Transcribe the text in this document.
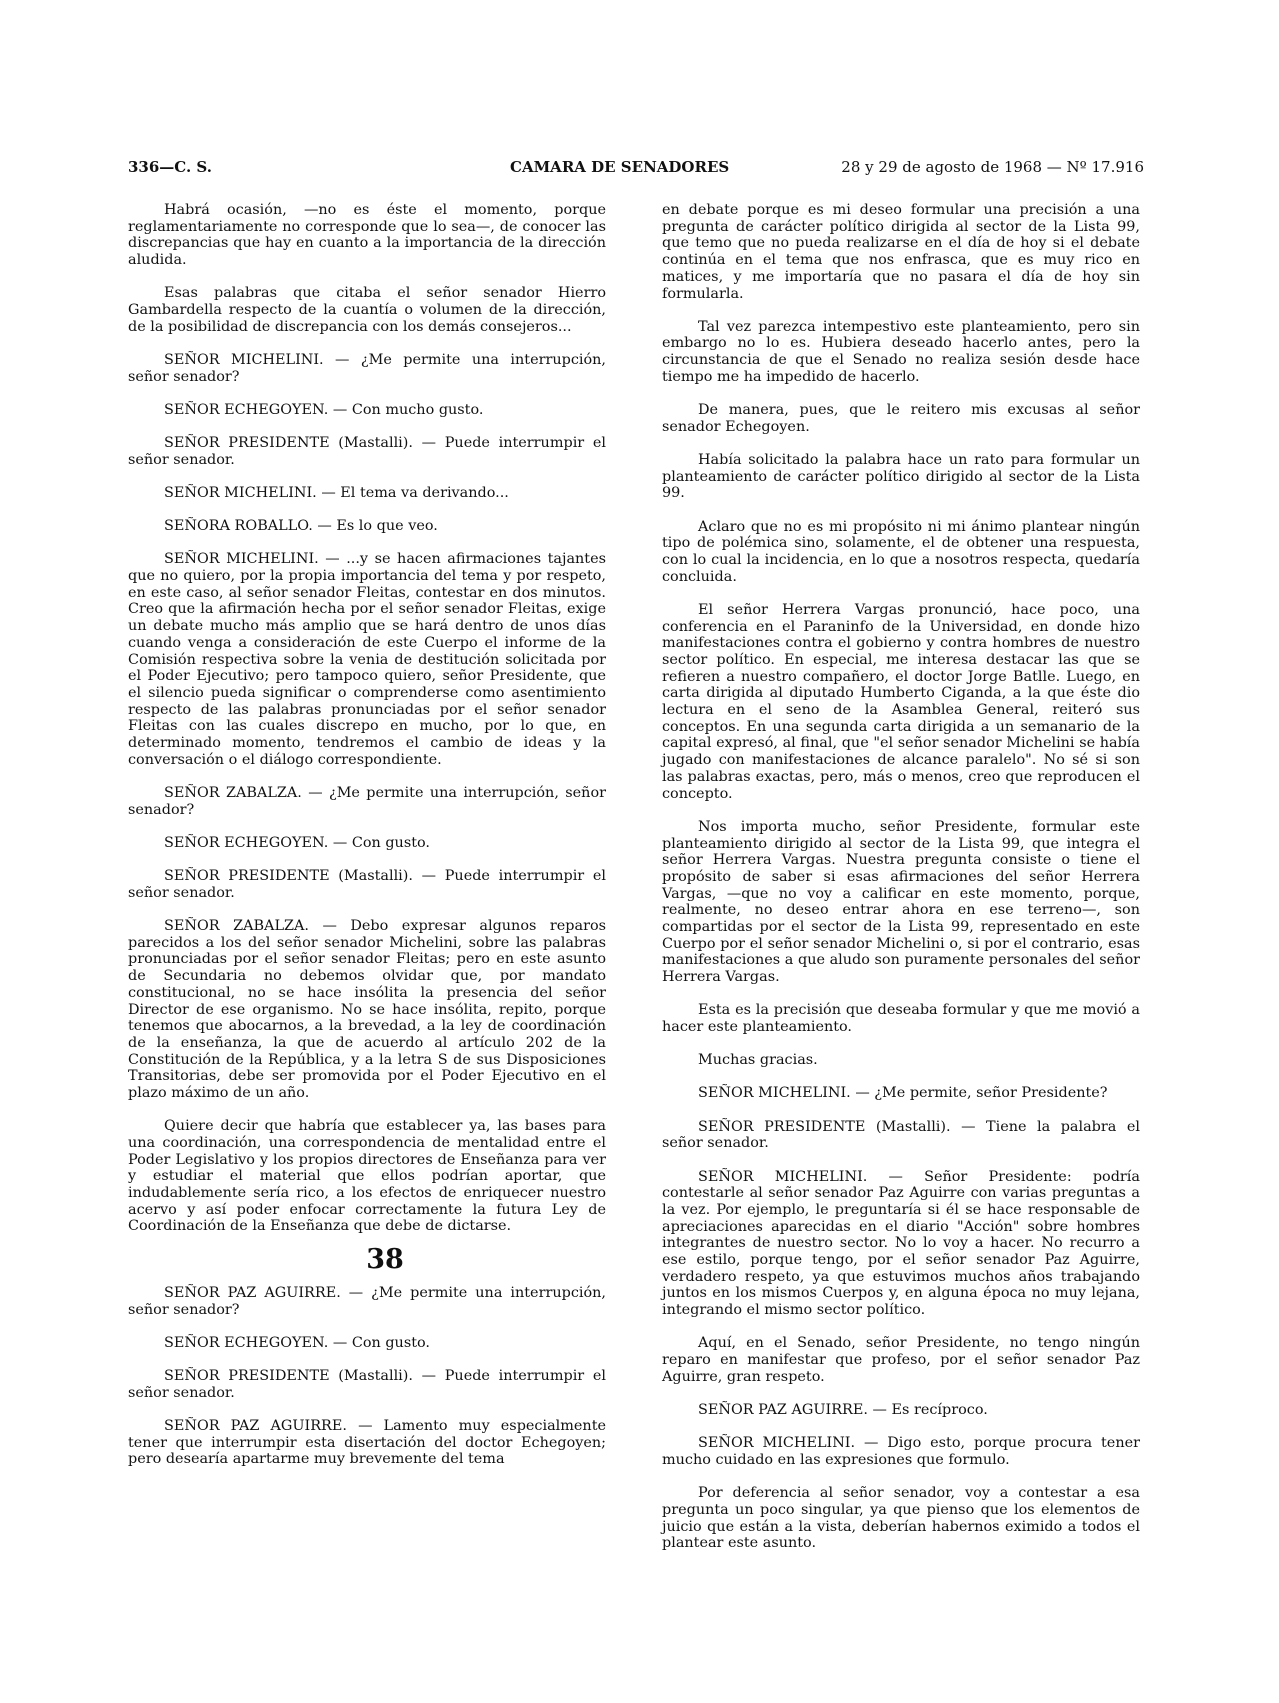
336—C. S.	CAMARA DE SENADORES	28 y 29 de agosto de 1968 — Nº 17.916

Habrá ocasión, —no es éste el momento, porque reglamentariamente no corresponde que lo sea—, de conocer las discrepancias que hay en cuanto a la importancia de la dirección aludida.

Esas palabras que citaba el señor senador Hierro Gambardella respecto de la cuantía o volumen de la dirección, de la posibilidad de discrepancia con los demás consejeros...

SEÑOR MICHELINI. — ¿Me permite una interrupción, señor senador?

SEÑOR ECHEGOYEN. — Con mucho gusto.

SEÑOR PRESIDENTE (Mastalli). — Puede interrumpir el señor senador.

SEÑOR MICHELINI. — El tema va derivando...

SEÑORA ROBALLO. — Es lo que veo.

SEÑOR MICHELINI. — ...y se hacen afirmaciones tajantes que no quiero, por la propia importancia del tema y por respeto, en este caso, al señor senador Fleitas, contestar en dos minutos. Creo que la afirmación hecha por el señor senador Fleitas, exige un debate mucho más amplio que se hará dentro de unos días cuando venga a consideración de este Cuerpo el informe de la Comisión respectiva sobre la venia de destitución solicitada por el Poder Ejecutivo; pero tampoco quiero, señor Presidente, que el silencio pueda significar o comprenderse como asentimiento respecto de las palabras pronunciadas por el señor senador Fleitas con las cuales discrepo en mucho, por lo que, en determinado momento, tendremos el cambio de ideas y la conversación o el diálogo correspondiente.

SEÑOR ZABALZA. — ¿Me permite una interrupción, señor senador?

SEÑOR ECHEGOYEN. — Con gusto.

SEÑOR PRESIDENTE (Mastalli). — Puede interrumpir el señor senador.

SEÑOR ZABALZA. — Debo expresar algunos reparos parecidos a los del señor senador Michelini, sobre las palabras pronunciadas por el señor senador Fleitas; pero en este asunto de Secundaria no debemos olvidar que, por mandato constitucional, no se hace insólita la presencia del señor Director de ese organismo. No se hace insólita, repito, porque tenemos que abocarnos, a la brevedad, a la ley de coordinación de la enseñanza, la que de acuerdo al artículo 202 de la Constitución de la República, y a la letra S de sus Disposiciones Transitorias, debe ser promovida por el Poder Ejecutivo en el plazo máximo de un año.

Quiere decir que habría que establecer ya, las bases para una coordinación, una correspondencia de mentalidad entre el Poder Legislativo y los propios directores de Enseñanza para ver y estudiar el material que ellos podrían aportar, que indudablemente sería rico, a los efectos de enriquecer nuestro acervo y así poder enfocar correctamente la futura Ley de Coordinación de la Enseñanza que debe de dictarse.

38

SEÑOR PAZ AGUIRRE. — ¿Me permite una interrupción, señor senador?

SEÑOR ECHEGOYEN. — Con gusto.

SEÑOR PRESIDENTE (Mastalli). — Puede interrumpir el señor senador.

SEÑOR PAZ AGUIRRE. — Lamento muy especialmente tener que interrumpir esta disertación del doctor Echegoyen; pero desearía apartarme muy brevemente del tema

en debate porque es mi deseo formular una precisión a una pregunta de carácter político dirigida al sector de la Lista 99, que temo que no pueda realizarse en el día de hoy si el debate continúa en el tema que nos enfrasca, que es muy rico en matices, y me importaría que no pasara el día de hoy sin formularla.

Tal vez parezca intempestivo este planteamiento, pero sin embargo no lo es. Hubiera deseado hacerlo antes, pero la circunstancia de que el Senado no realiza sesión desde hace tiempo me ha impedido de hacerlo.

De manera, pues, que le reitero mis excusas al señor senador Echegoyen.

Había solicitado la palabra hace un rato para formular un planteamiento de carácter político dirigido al sector de la Lista 99.

Aclaro que no es mi propósito ni mi ánimo plantear ningún tipo de polémica sino, solamente, el de obtener una respuesta, con lo cual la incidencia, en lo que a nosotros respecta, quedaría concluida.

El señor Herrera Vargas pronunció, hace poco, una conferencia en el Paraninfo de la Universidad, en donde hizo manifestaciones contra el gobierno y contra hombres de nuestro sector político. En especial, me interesa destacar las que se refieren a nuestro compañero, el doctor Jorge Batlle. Luego, en carta dirigida al diputado Humberto Ciganda, a la que éste dio lectura en el seno de la Asamblea General, reiteró sus conceptos. En una segunda carta dirigida a un semanario de la capital expresó, al final, que "el señor senador Michelini se había jugado con manifestaciones de alcance paralelo". No sé si son las palabras exactas, pero, más o menos, creo que reproducen el concepto.

Nos importa mucho, señor Presidente, formular este planteamiento dirigido al sector de la Lista 99, que integra el señor Herrera Vargas. Nuestra pregunta consiste o tiene el propósito de saber si esas afirmaciones del señor Herrera Vargas, —que no voy a calificar en este momento, porque, realmente, no deseo entrar ahora en ese terreno—, son compartidas por el sector de la Lista 99, representado en este Cuerpo por el señor senador Michelini o, si por el contrario, esas manifestaciones a que aludo son puramente personales del señor Herrera Vargas.

Esta es la precisión que deseaba formular y que me movió a hacer este planteamiento.

Muchas gracias.

SEÑOR MICHELINI. — ¿Me permite, señor Presidente?

SEÑOR PRESIDENTE (Mastalli). — Tiene la palabra el señor senador.

SEÑOR MICHELINI. — Señor Presidente: podría contestarle al señor senador Paz Aguirre con varias preguntas a la vez. Por ejemplo, le preguntaría si él se hace responsable de apreciaciones aparecidas en el diario "Acción" sobre hombres integrantes de nuestro sector. No lo voy a hacer. No recurro a ese estilo, porque tengo, por el señor senador Paz Aguirre, verdadero respeto, ya que estuvimos muchos años trabajando juntos en los mismos Cuerpos y, en alguna época no muy lejana, integrando el mismo sector político.

Aquí, en el Senado, señor Presidente, no tengo ningún reparo en manifestar que profeso, por el señor senador Paz Aguirre, gran respeto.

SEÑOR PAZ AGUIRRE. — Es recíproco.

SEÑOR MICHELINI. — Digo esto, porque procura tener mucho cuidado en las expresiones que formulo.

Por deferencia al señor senador, voy a contestar a esa pregunta un poco singular, ya que pienso que los elementos de juicio que están a la vista, deberían habernos eximido a todos el plantear este asunto.
